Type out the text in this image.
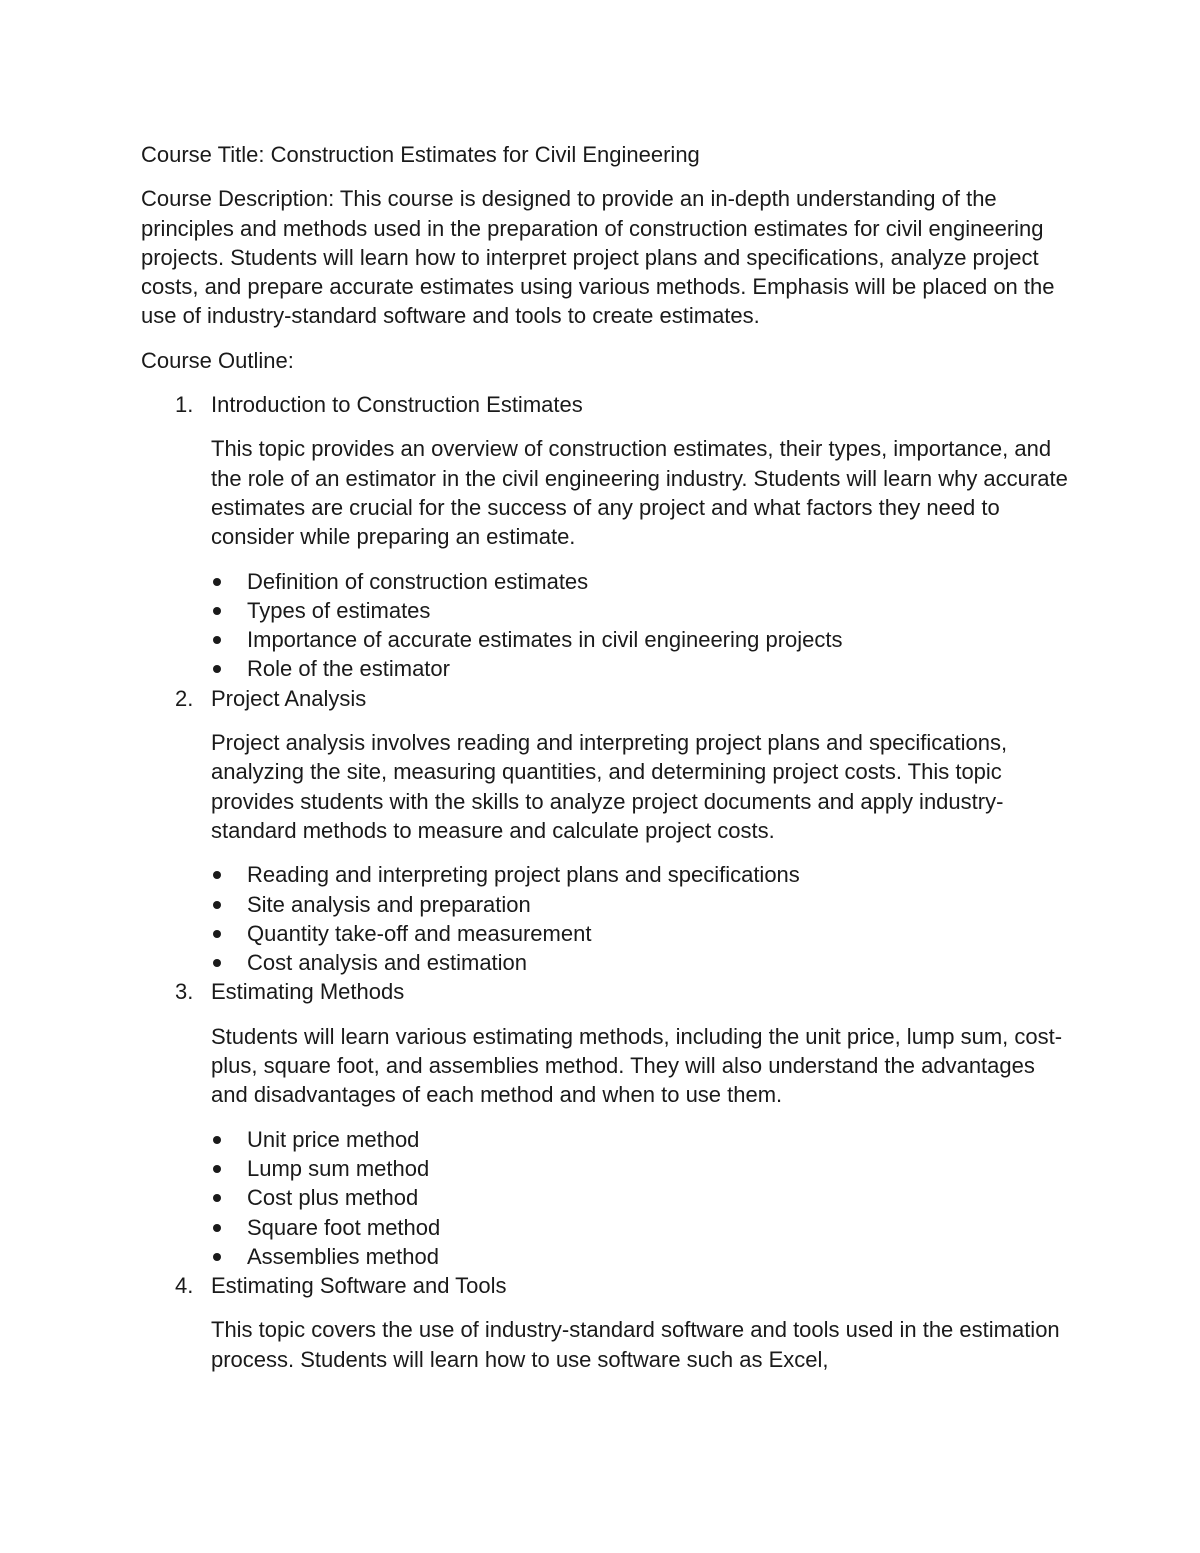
Course Title: Construction Estimates for Civil Engineering

Course Description: This course is designed to provide an in-depth understanding of the principles and methods used in the preparation of construction estimates for civil engineering projects. Students will learn how to interpret project plans and specifications, analyze project costs, and prepare accurate estimates using various methods. Emphasis will be placed on the use of industry-standard software and tools to create estimates.

Course Outline:

1. Introduction to Construction Estimates

This topic provides an overview of construction estimates, their types, importance, and the role of an estimator in the civil engineering industry. Students will learn why accurate estimates are crucial for the success of any project and what factors they need to consider while preparing an estimate.

Definition of construction estimates
Types of estimates
Importance of accurate estimates in civil engineering projects
Role of the estimator
2. Project Analysis

Project analysis involves reading and interpreting project plans and specifications, analyzing the site, measuring quantities, and determining project costs. This topic provides students with the skills to analyze project documents and apply industry-standard methods to measure and calculate project costs.

Reading and interpreting project plans and specifications
Site analysis and preparation
Quantity take-off and measurement
Cost analysis and estimation
3. Estimating Methods

Students will learn various estimating methods, including the unit price, lump sum, cost-plus, square foot, and assemblies method. They will also understand the advantages and disadvantages of each method and when to use them.

Unit price method
Lump sum method
Cost plus method
Square foot method
Assemblies method
4. Estimating Software and Tools

This topic covers the use of industry-standard software and tools used in the estimation process. Students will learn how to use software such as Excel,
